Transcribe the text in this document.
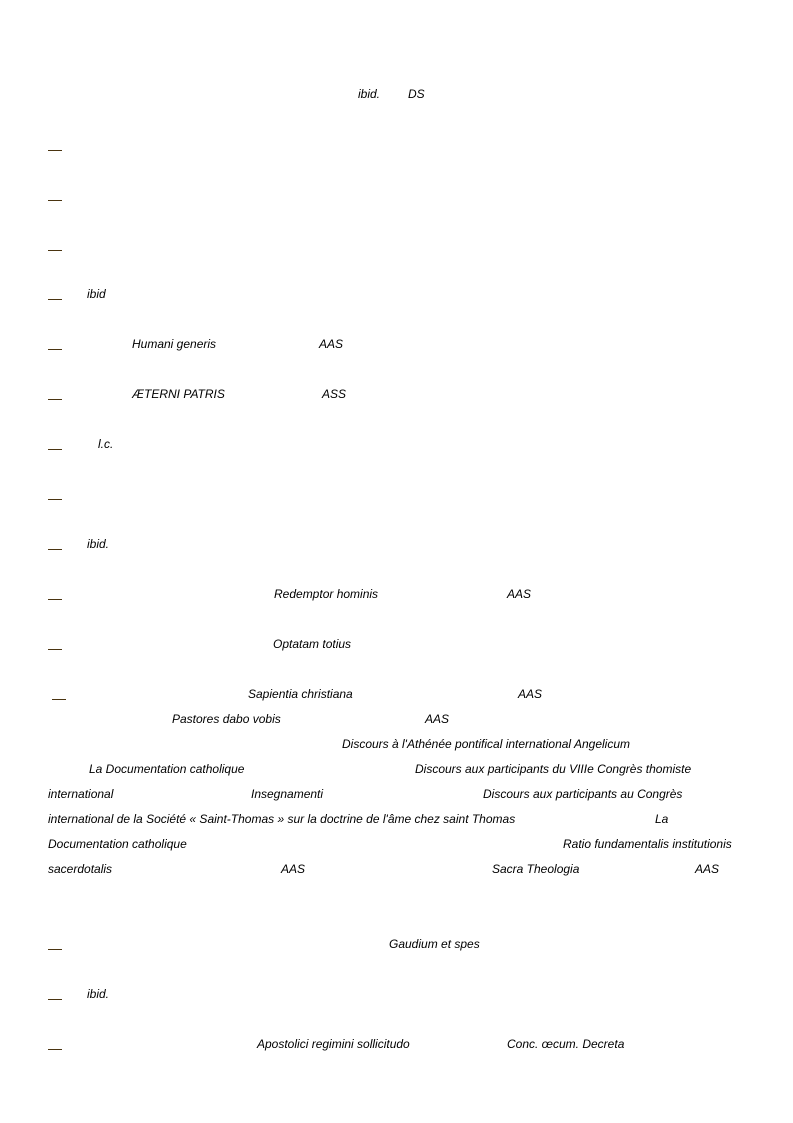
ibid. DS
ibid
Humani generis	AAS
ÆTERNI PATRIS	ASS
l.c.
ibid.
Redemptor hominis	AAS
Optatam totius
Sapientia christiana	AAS
Pastores dabo vobis	AAS
Discours à l'Athénée pontifical international Angelicum
La Documentation catholique	Discours aux participants du VIIIe Congrès thomiste
international	Insegnamenti	Discours aux participants au Congrès
international de la Société « Saint-Thomas » sur la doctrine de l'âme chez saint Thomas	La
Documentation catholique	Ratio fundamentalis institutionis
sacerdotalis	AAS	Sacra Theologia	AAS
Gaudium et spes
ibid.
Apostolici regimini sollicitudo	Conc. œcum. Decreta
